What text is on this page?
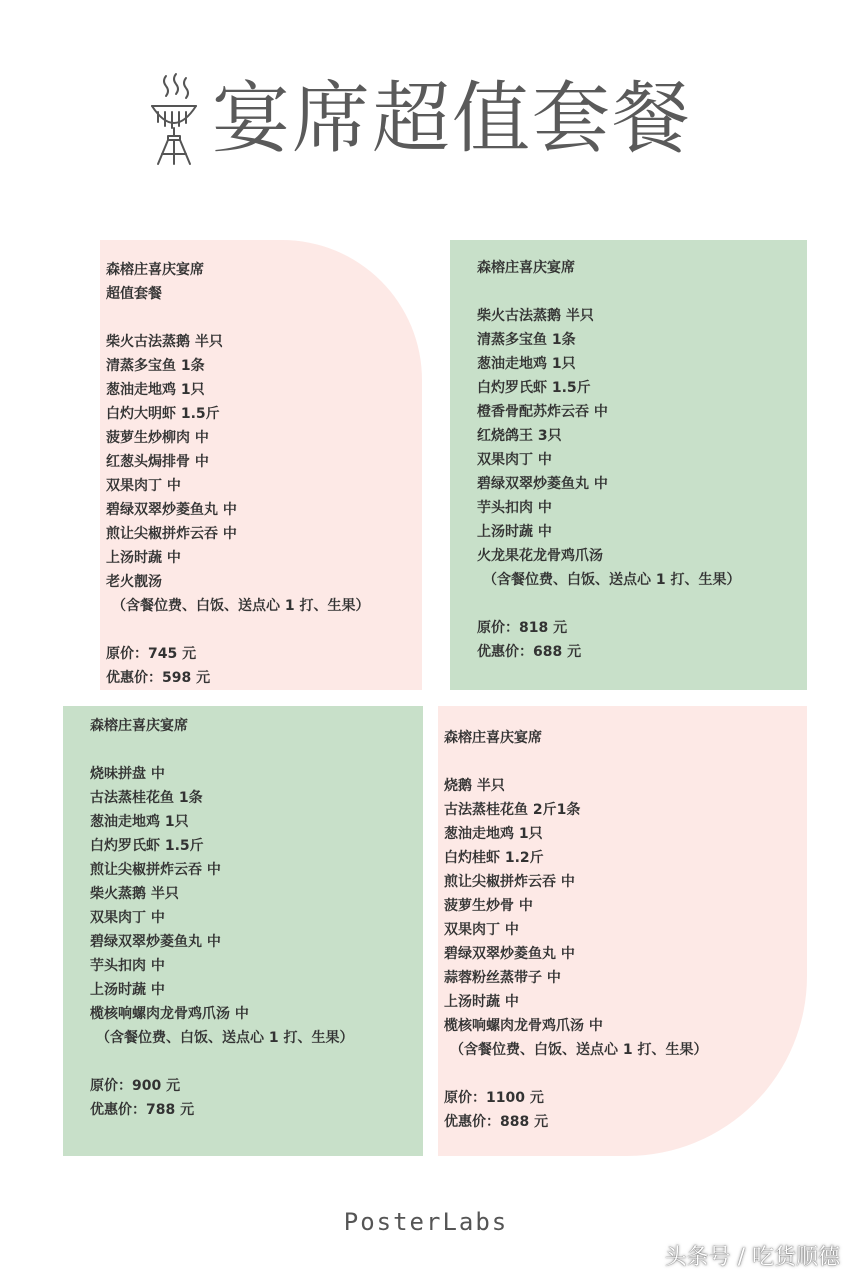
宴席超值套餐
森榕庄喜庆宴席
超值套餐
柴火古法蒸鹅 半只
清蒸多宝鱼 1条
葱油走地鸡 1只
白灼大明虾 1.5斤
菠萝生炒柳肉 中
红葱头焗排骨 中
双果肉丁 中
碧绿双翠炒菱鱼丸 中
煎让尖椒拼炸云吞 中
上汤时蔬 中
老火靓汤
（含餐位费、白饭、送点心 1 打、生果）
原价：745 元
优惠价：598 元
森榕庄喜庆宴席
柴火古法蒸鹅 半只
清蒸多宝鱼 1条
葱油走地鸡 1只
白灼罗氏虾 1.5斤
橙香骨配苏炸云吞 中
红烧鸽王 3只
双果肉丁 中
碧绿双翠炒菱鱼丸 中
芋头扣肉 中
上汤时蔬 中
火龙果花龙骨鸡爪汤
（含餐位费、白饭、送点心 1 打、生果）
原价：818 元
优惠价：688 元
森榕庄喜庆宴席
烧味拼盘 中
古法蒸桂花鱼 1条
葱油走地鸡 1只
白灼罗氏虾 1.5斤
煎让尖椒拼炸云吞 中
柴火蒸鹅 半只
双果肉丁 中
碧绿双翠炒菱鱼丸 中
芋头扣肉 中
上汤时蔬 中
榄核响螺肉龙骨鸡爪汤 中
（含餐位费、白饭、送点心 1 打、生果）
原价：900 元
优惠价：788 元
森榕庄喜庆宴席
烧鹅 半只
古法蒸桂花鱼 2斤1条
葱油走地鸡 1只
白灼桂虾 1.2斤
煎让尖椒拼炸云吞 中
菠萝生炒骨 中
双果肉丁 中
碧绿双翠炒菱鱼丸 中
蒜蓉粉丝蒸带子 中
上汤时蔬 中
榄核响螺肉龙骨鸡爪汤 中
（含餐位费、白饭、送点心 1 打、生果）
原价：1100 元
优惠价：888 元
PosterLabs
头条号 / 吃货顺德
